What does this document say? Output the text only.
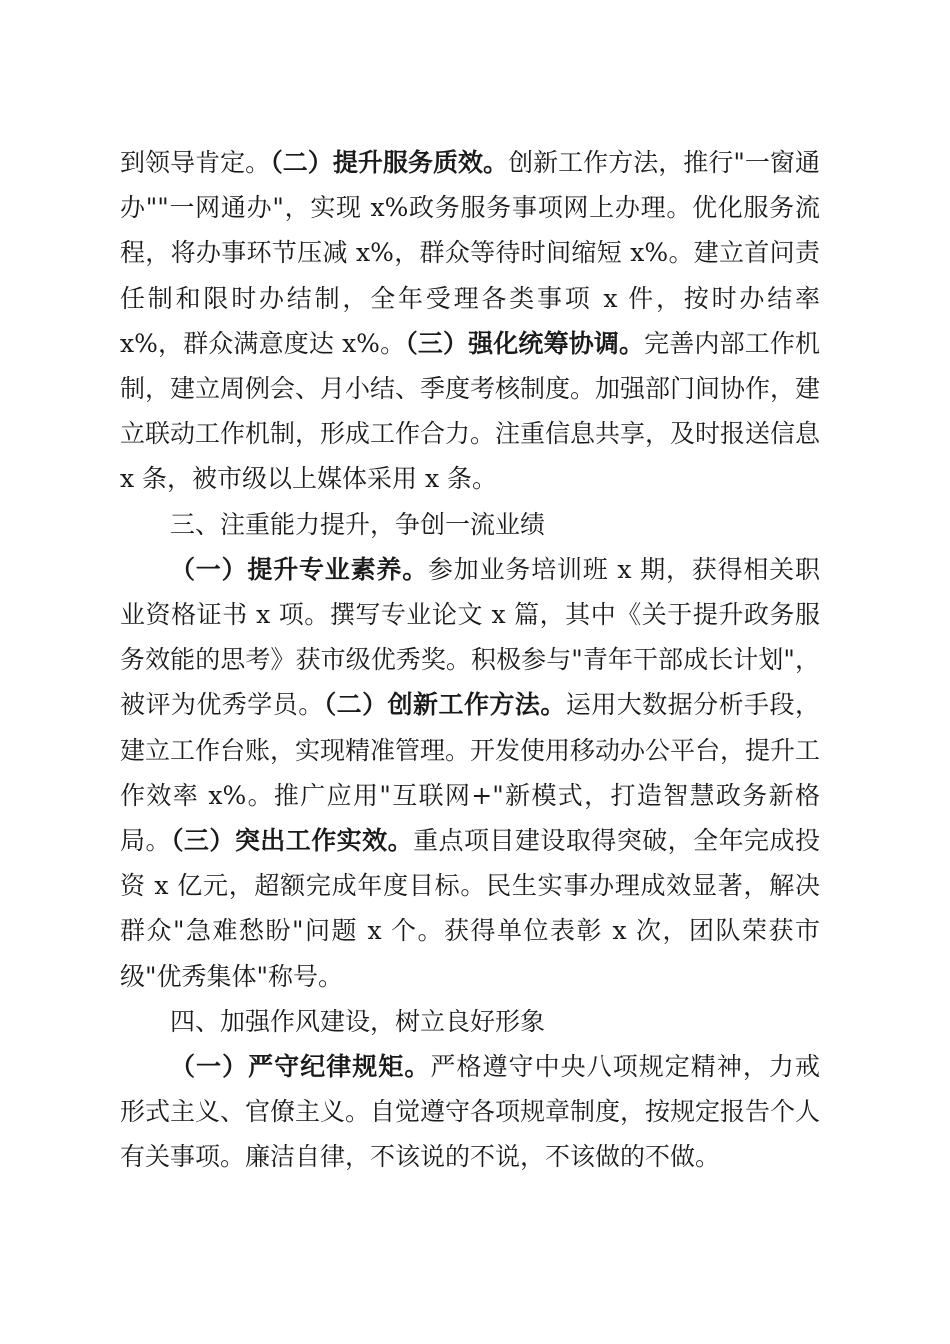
到领导肯定。（二）提升服务质效。创新工作方法，推行"一窗通办""一网通办"，实现 x%政务服务事项网上办理。优化服务流程，将办事环节压减 x%，群众等待时间缩短 x%。建立首问责任制和限时办结制，全年受理各类事项 x 件，按时办结率 x%，群众满意度达 x%。（三）强化统筹协调。完善内部工作机制，建立周例会、月小结、季度考核制度。加强部门间协作，建立联动工作机制，形成工作合力。注重信息共享，及时报送信息 x 条，被市级以上媒体采用 x 条。

三、注重能力提升，争创一流业绩

（一）提升专业素养。参加业务培训班 x 期，获得相关职业资格证书 x 项。撰写专业论文 x 篇，其中《关于提升政务服务效能的思考》获市级优秀奖。积极参与"青年干部成长计划"，被评为优秀学员。（二）创新工作方法。运用大数据分析手段，建立工作台账，实现精准管理。开发使用移动办公平台，提升工作效率 x%。推广应用"互联网+"新模式，打造智慧政务新格局。（三）突出工作实效。重点项目建设取得突破，全年完成投资 x 亿元，超额完成年度目标。民生实事办理成效显著，解决群众"急难愁盼"问题 x 个。获得单位表彰 x 次，团队荣获市级"优秀集体"称号。

四、加强作风建设，树立良好形象

（一）严守纪律规矩。严格遵守中央八项规定精神，力戒形式主义、官僚主义。自觉遵守各项规章制度，按规定报告个人有关事项。廉洁自律，不该说的不说，不该做的不做。
